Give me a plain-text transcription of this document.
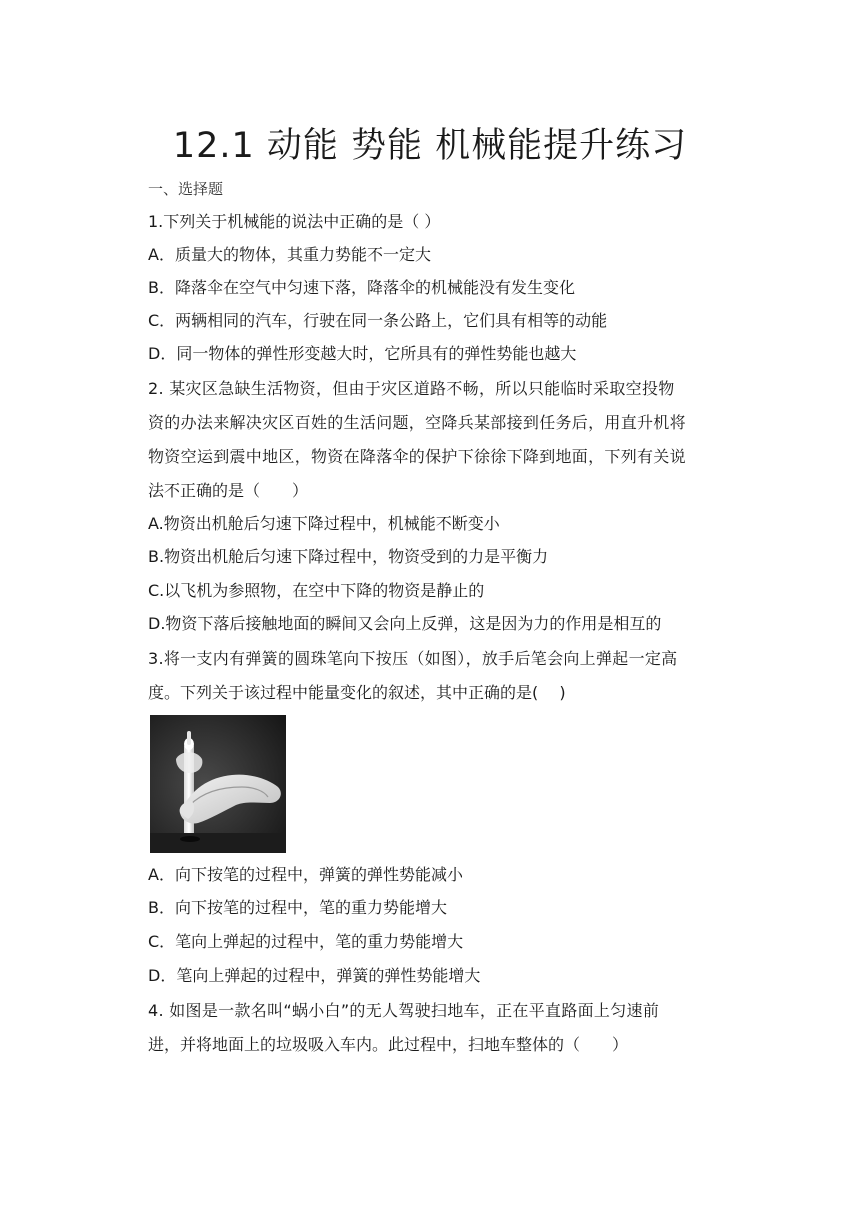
12.1 动能 势能 机械能提升练习
一、选择题
1.下列关于机械能的说法中正确的是（ ）
A．质量大的物体，其重力势能不一定大
B．降落伞在空气中匀速下落，降落伞的机械能没有发生变化
C．两辆相同的汽车，行驶在同一条公路上，它们具有相等的动能
D．同一物体的弹性形变越大时，它所具有的弹性势能也越大
2. 某灾区急缺生活物资，但由于灾区道路不畅，所以只能临时采取空投物
资的办法来解决灾区百姓的生活问题，空降兵某部接到任务后，用直升机将
物资空运到震中地区，物资在降落伞的保护下徐徐下降到地面，下列有关说
法不正确的是（　　）
A.物资出机舱后匀速下降过程中，机械能不断变小
B.物资出机舱后匀速下降过程中，物资受到的力是平衡力
C.以飞机为参照物，在空中下降的物资是静止的
D.物资下落后接触地面的瞬间又会向上反弹，这是因为力的作用是相互的
3.将一支内有弹簧的圆珠笔向下按压（如图），放手后笔会向上弹起一定高
度。下列关于该过程中能量变化的叙述，其中正确的是(　 )
A．向下按笔的过程中，弹簧的弹性势能减小
B．向下按笔的过程中，笔的重力势能增大
C．笔向上弹起的过程中，笔的重力势能增大
D．笔向上弹起的过程中，弹簧的弹性势能增大
4. 如图是一款名叫“蜗小白”的无人驾驶扫地车，正在平直路面上匀速前
进，并将地面上的垃圾吸入车内。此过程中，扫地车整体的（　　）
